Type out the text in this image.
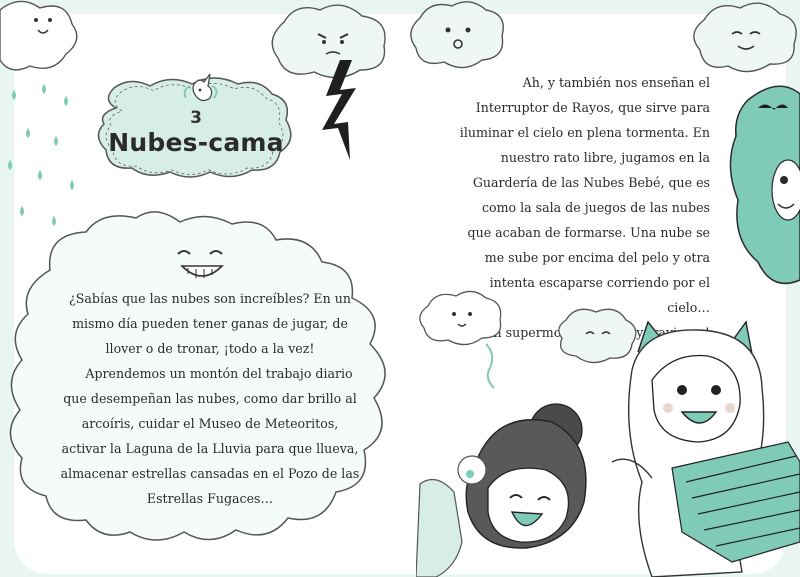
3
Nubes-cama

¿Sabías que las nubes son increíbles? En un mismo día pueden tener ganas de jugar, de llover o de tronar, ¡todo a la vez!

Aprendemos un montón del trabajo diario que desempeñan las nubes, como dar brillo al arcoíris, cuidar el Museo de Meteoritos, activar la Laguna de la Lluvia para que llueva, almacenar estrellas cansadas en el Pozo de las Estrellas Fugaces…

Ah, y también nos enseñan el Interruptor de Rayos, que sirve para iluminar el cielo en plena tormenta. En nuestro rato libre, jugamos en la Guardería de las Nubes Bebé, que es como la sala de juegos de las nubes que acaban de formarse. Una nube se me sube por encima del pelo y otra intenta escaparse corriendo por el cielo…

supermonas…
